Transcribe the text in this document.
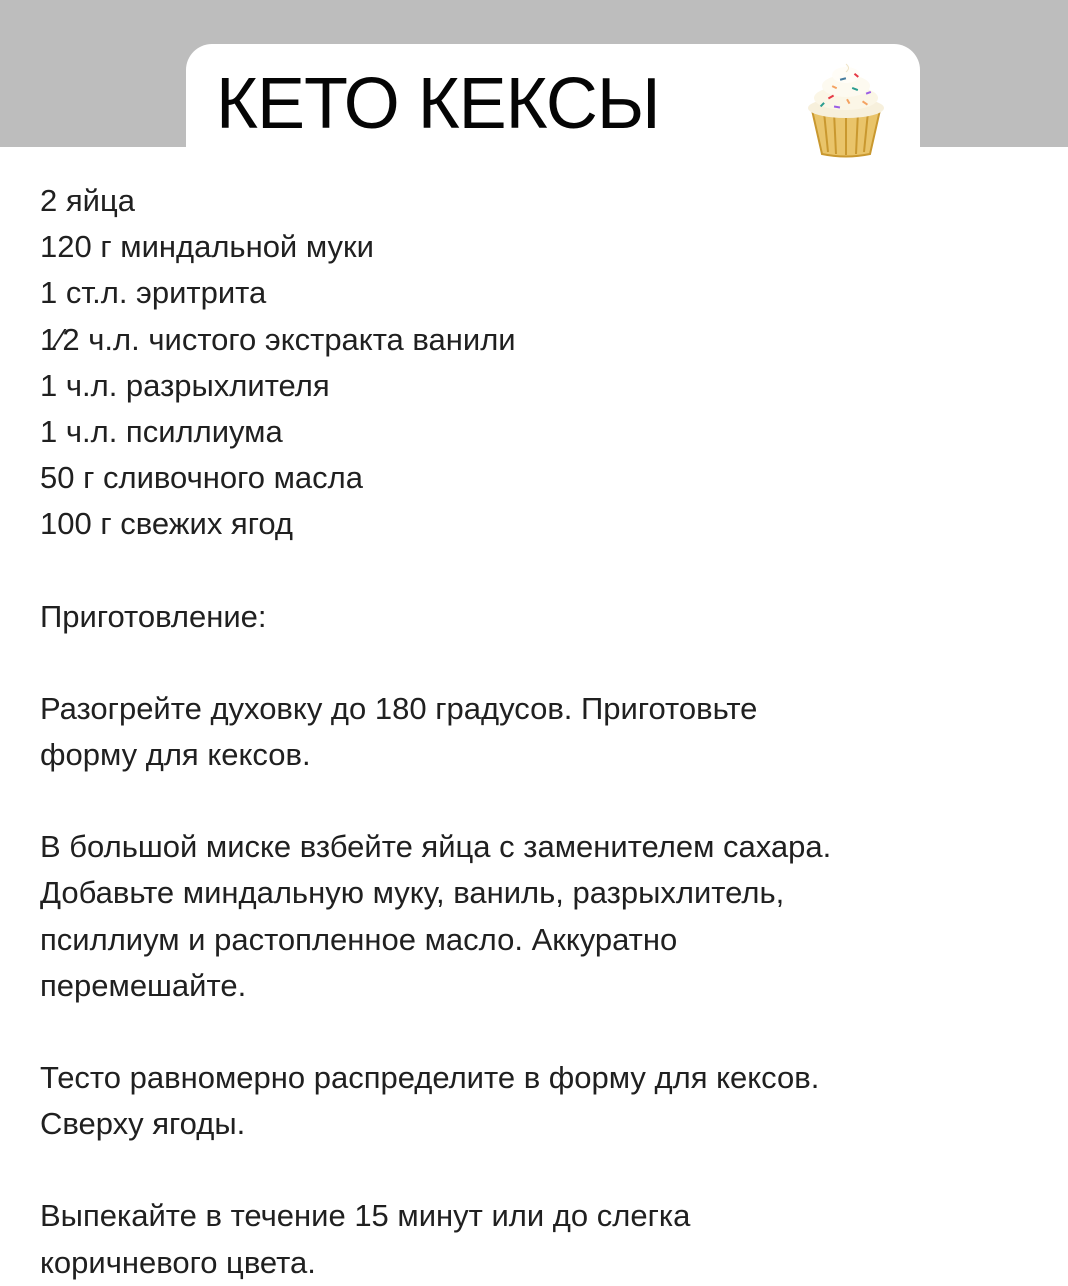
КЕТО КЕКСЫ
2 яйца
120 г миндальной муки
1 ст.л. эритрита
1⁄2 ч.л. чистого экстракта ванили
1 ч.л. разрыхлителя
1 ч.л. псиллиума
50 г сливочного масла
100 г свежих ягод
Приготовление:
Разогрейте духовку до 180 градусов. Приготовьте
форму для кексов.
В большой миске взбейте яйца с заменителем сахара.
Добавьте миндальную муку, ваниль, разрыхлитель,
псиллиум и растопленное масло. Аккуратно
перемешайте.
Тесто равномерно распределите в форму для кексов.
Сверху ягоды.
Выпекайте в течение 15 минут или до слегка
коричневого цвета.
